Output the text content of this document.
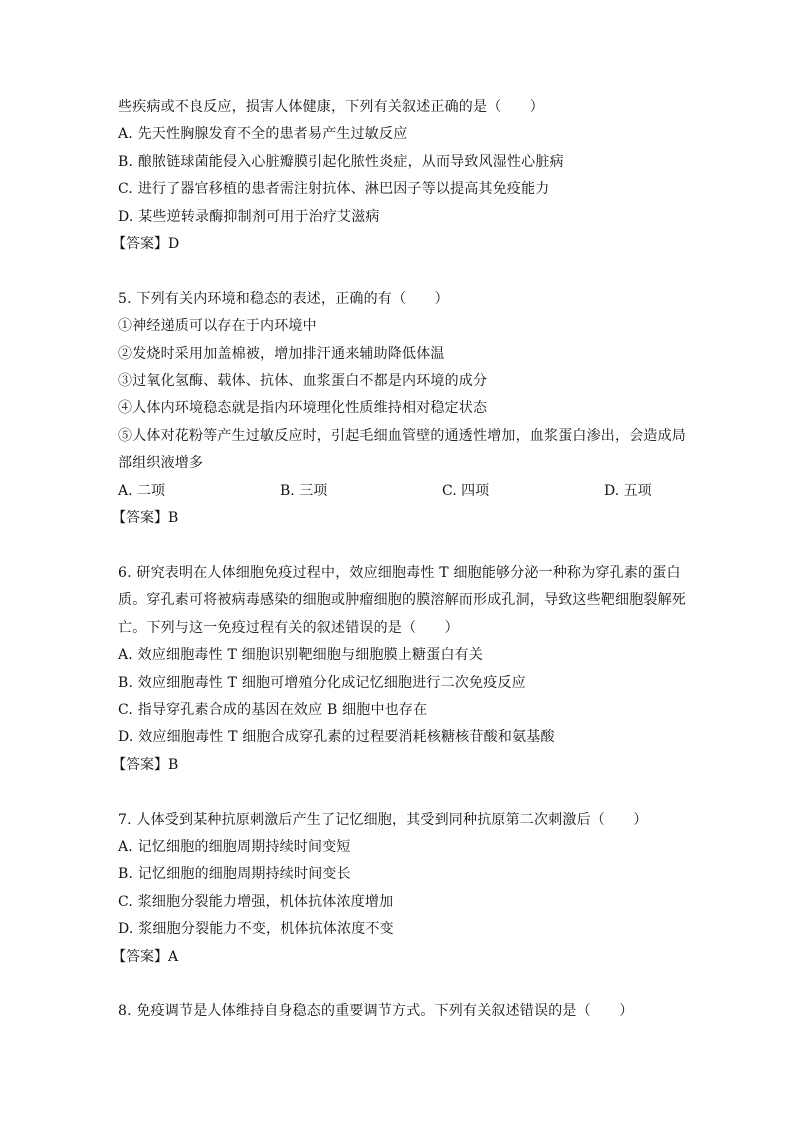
些疾病或不良反应，损害人体健康，下列有关叙述正确的是（　　）
A. 先天性胸腺发育不全的患者易产生过敏反应
B. 酿脓链球菌能侵入心脏瓣膜引起化脓性炎症，从而导致风湿性心脏病
C. 进行了器官移植的患者需注射抗体、淋巴因子等以提高其免疫能力
D. 某些逆转录酶抑制剂可用于治疗艾滋病
【答案】D
5. 下列有关内环境和稳态的表述，正确的有（　　）
①神经递质可以存在于内环境中
②发烧时采用加盖棉被，增加排汗通来辅助降低体温
③过氧化氢酶、载体、抗体、血浆蛋白不都是内环境的成分
④人体内环境稳态就是指内环境理化性质维持相对稳定状态
⑤人体对花粉等产生过敏反应时，引起毛细血管壁的通透性增加，血浆蛋白渗出，会造成局
部组织液增多
A. 二项	B. 三项	C. 四项	D. 五项
【答案】B
6. 研究表明在人体细胞免疫过程中，效应细胞毒性 T 细胞能够分泌一种称为穿孔素的蛋白
质。穿孔素可将被病毒感染的细胞或肿瘤细胞的膜溶解而形成孔洞，导致这些靶细胞裂解死
亡。下列与这一免疫过程有关的叙述错误的是（　　）
A. 效应细胞毒性 T 细胞识别靶细胞与细胞膜上糖蛋白有关
B. 效应细胞毒性 T 细胞可增殖分化成记忆细胞进行二次免疫反应
C. 指导穿孔素合成的基因在效应 B 细胞中也存在
D. 效应细胞毒性 T 细胞合成穿孔素的过程要消耗核糖核苷酸和氨基酸
【答案】B
7. 人体受到某种抗原刺激后产生了记忆细胞，其受到同种抗原第二次刺激后（　　）
A. 记忆细胞的细胞周期持续时间变短
B. 记忆细胞的细胞周期持续时间变长
C. 浆细胞分裂能力增强，机体抗体浓度增加
D. 浆细胞分裂能力不变，机体抗体浓度不变
【答案】A
8. 免疫调节是人体维持自身稳态的重要调节方式。下列有关叙述错误的是（　　）
